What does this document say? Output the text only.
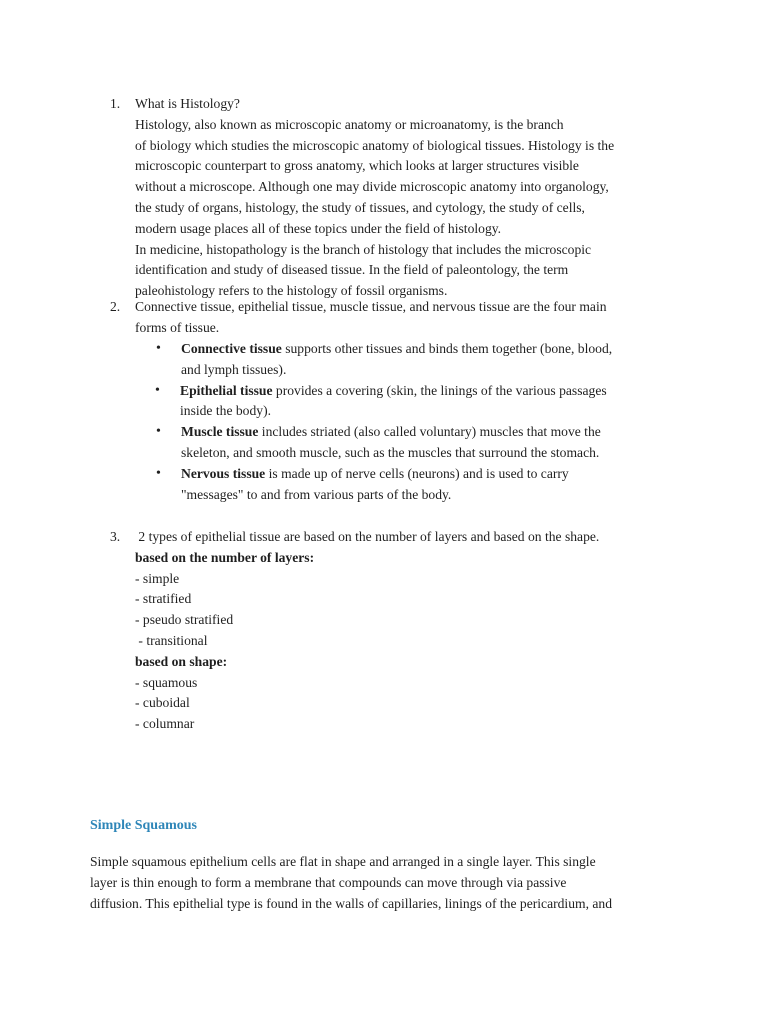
1.	What is Histology?
Histology, also known as microscopic anatomy or microanatomy, is the branch
of biology which studies the microscopic anatomy of biological tissues. Histology is the
microscopic counterpart to gross anatomy, which looks at larger structures visible
without a microscope. Although one may divide microscopic anatomy into organology,
the study of organs, histology, the study of tissues, and cytology, the study of cells,
modern usage places all of these topics under the field of histology.
In medicine, histopathology is the branch of histology that includes the microscopic
identification and study of diseased tissue. In the field of paleontology, the term
paleohistology refers to the histology of fossil organisms.
2.	Connective tissue, epithelial tissue, muscle tissue, and nervous tissue are the four main
forms of tissue.
• Connective tissue supports other tissues and binds them together (bone, blood,
and lymph tissues).
• Epithelial tissue provides a covering (skin, the linings of the various passages
inside the body).
• Muscle tissue includes striated (also called voluntary) muscles that move the
skeleton, and smooth muscle, such as the muscles that surround the stomach.
• Nervous tissue is made up of nerve cells (neurons) and is used to carry
"messages" to and from various parts of the body.
3.	2 types of epithelial tissue are based on the number of layers and based on the shape.
based on the number of layers:
- simple
- stratified
- pseudo stratified
- transitional
based on shape:
- squamous
- cuboidal
- columnar
Simple Squamous
Simple squamous epithelium cells are flat in shape and arranged in a single layer. This single
layer is thin enough to form a membrane that compounds can move through via passive
diffusion. This epithelial type is found in the walls of capillaries, linings of the pericardium, and
